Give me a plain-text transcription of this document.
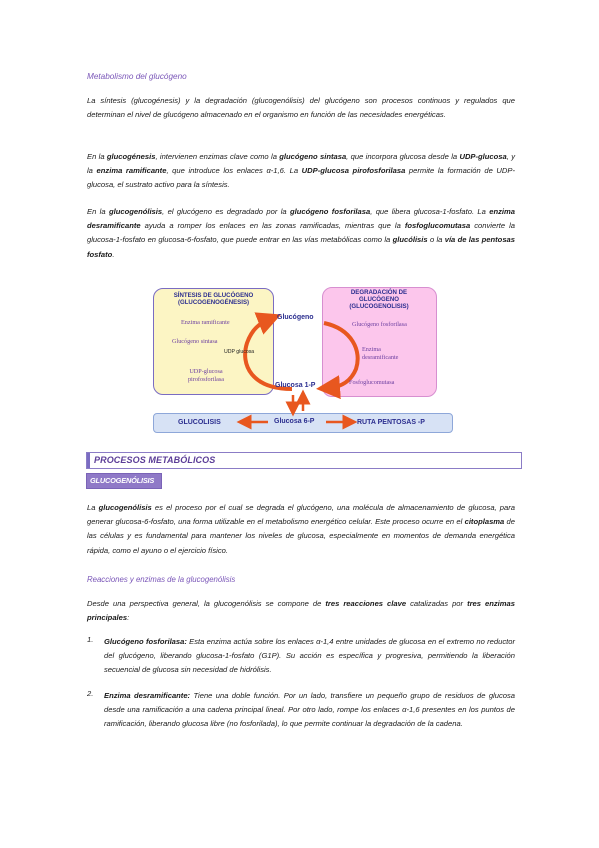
Metabolismo del glucógeno

La síntesis (glucogénesis) y la degradación (glucogenólisis) del glucógeno son procesos continuos y regulados que determinan el nivel de glucógeno almacenado en el organismo en función de las necesidades energéticas.

En la glucogénesis, intervienen enzimas clave como la glucógeno sintasa, que incorpora glucosa desde la UDP-glucosa, y la enzima ramificante, que introduce los enlaces α-1,6. La UDP-glucosa pirofosforilasa permite la formación de UDP-glucosa, el sustrato activo para la síntesis.

En la glucogenólisis, el glucógeno es degradado por la glucógeno fosforilasa, que libera glucosa-1-fosfato. La enzima desramificante ayuda a romper los enlaces en las zonas ramificadas, mientras que la fosfoglucomutasa convierte la glucosa-1-fosfato en glucosa-6-fosfato, que puede entrar en las vías metabólicas como la glucólisis o la vía de las pentosas fosfato.

SÍNTESIS DE GLUCÓGENO
(GLUCOGENOGÉNESIS)
Enzima ramificante
Glucógeno sintasa
UDP glucosa
UDP-glucosa pirofosforilasa
DEGRADACIÓN DE
GLUCÓGENO
(GLUCOGENOLISIS)
Glucógeno fosforilasa
Enzima desramificante
Fosfoglucomutasa
Glucógeno
Glucosa 1-P
Glucosa 6-P
GLUCOLISIS	RUTA PENTOSAS -P
PROCESOS METABÓLICOS
GLUCOGENÓLISIS

La glucogenólisis es el proceso por el cual se degrada el glucógeno, una molécula de almacenamiento de glucosa, para generar glucosa-6-fosfato, una forma utilizable en el metabolismo energético celular. Este proceso ocurre en el citoplasma de las células y es fundamental para mantener los niveles de glucosa, especialmente en momentos de demanda energética rápida, como el ayuno o el ejercicio físico.

Reacciones y enzimas de la glucogenólisis

Desde una perspectiva general, la glucogenólisis se compone de tres reacciones clave catalizadas por tres enzimas principales:

1. Glucógeno fosforilasa: Esta enzima actúa sobre los enlaces α-1,4 entre unidades de glucosa en el extremo no reductor del glucógeno, liberando glucosa-1-fosfato (G1P). Su acción es específica y progresiva, permitiendo la liberación secuencial de glucosa sin necesidad de hidrólisis.

2. Enzima desramificante: Tiene una doble función. Por un lado, transfiere un pequeño grupo de residuos de glucosa desde una ramificación a una cadena principal lineal. Por otro lado, rompe los enlaces α-1,6 presentes en los puntos de ramificación, liberando glucosa libre (no fosforilada), lo que permite continuar la degradación de la cadena.
